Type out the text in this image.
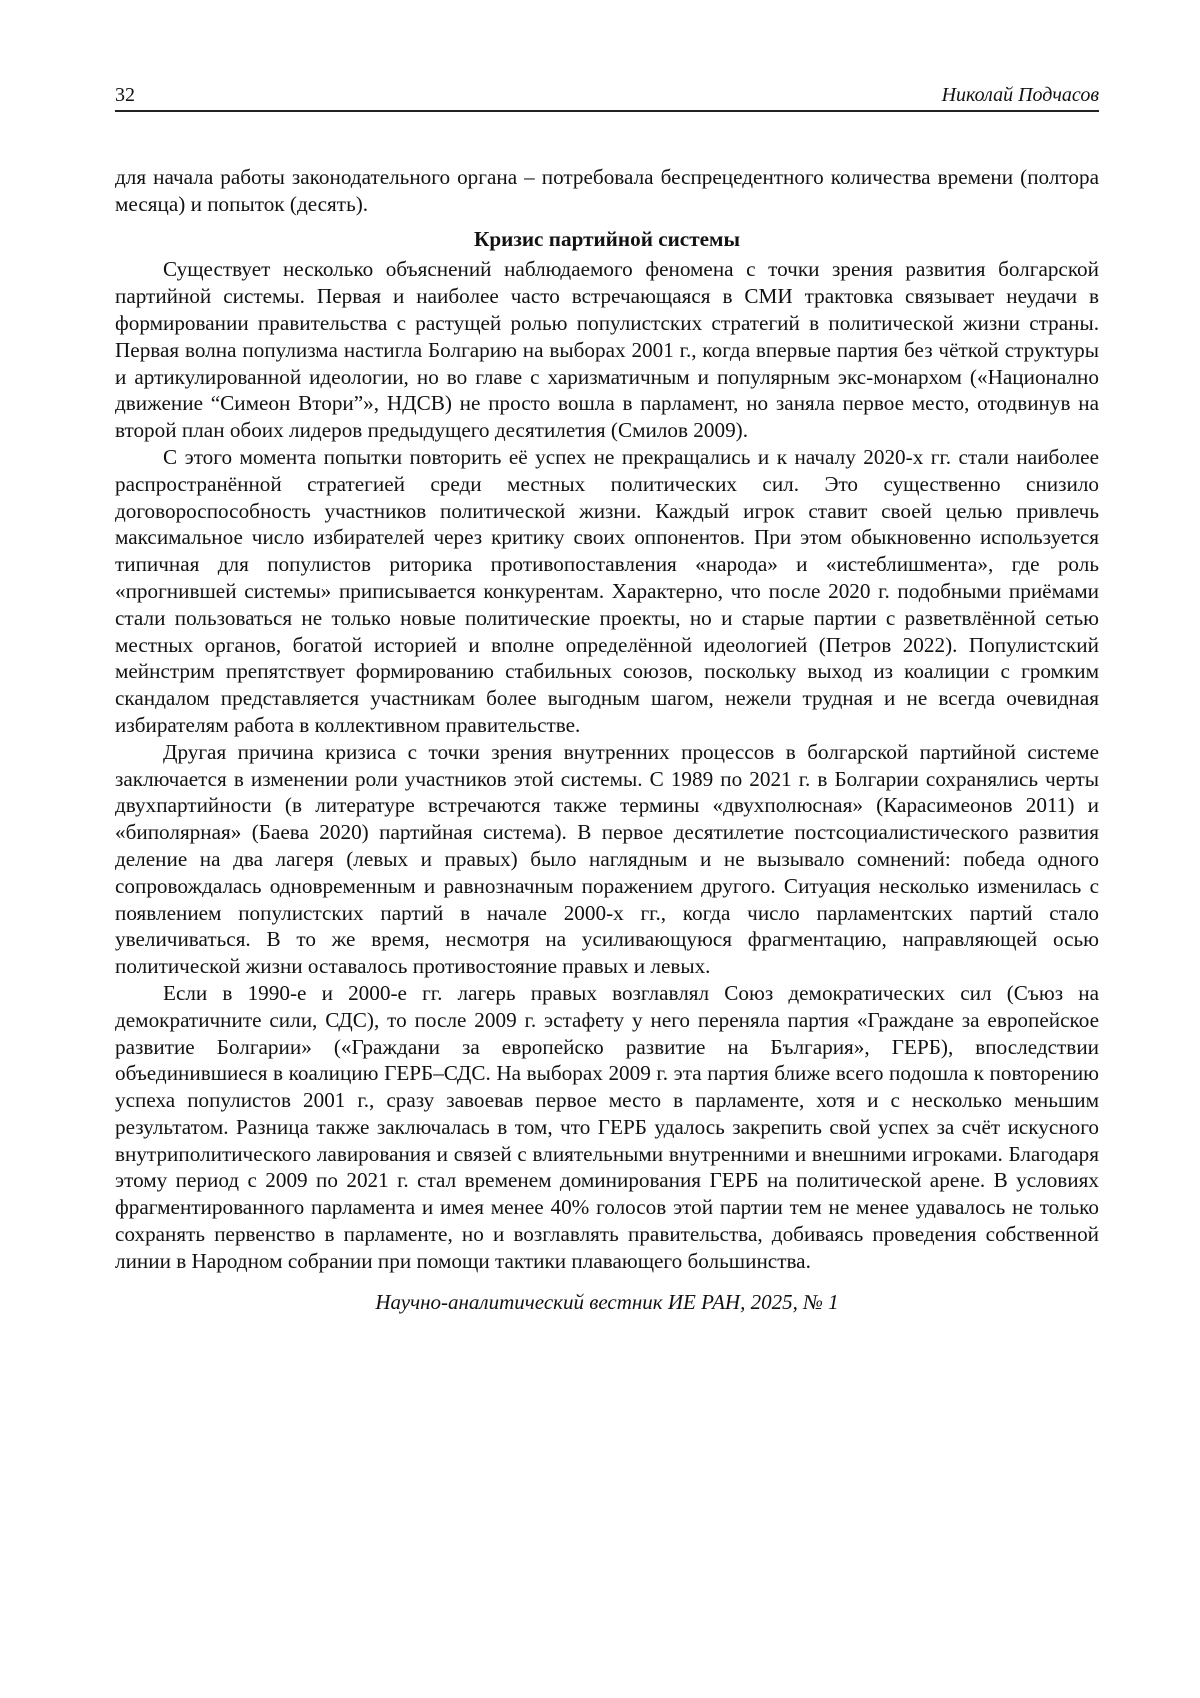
32	Николай Подчасов

для начала работы законодательного органа – потребовала беспрецедентного количества времени (полтора месяца) и попыток (десять).

Кризис партийной системы

Существует несколько объяснений наблюдаемого феномена с точки зрения развития болгарской партийной системы. Первая и наиболее часто встречающаяся в СМИ трактовка связывает неудачи в формировании правительства с растущей ролью популистских стратегий в политической жизни страны. Первая волна популизма настигла Болгарию на выборах 2001 г., когда впервые партия без чёткой структуры и артикулированной идеологии, но во главе с харизматичным и популярным экс-монархом («Национално движение “Симеон Втори”», НДСВ) не просто вошла в парламент, но заняла первое место, отодвинув на второй план обоих лидеров предыдущего десятилетия (Смилов 2009).

С этого момента попытки повторить её успех не прекращались и к началу 2020-х гг. стали наиболее распространённой стратегией среди местных политических сил. Это существенно снизило договороспособность участников политической жизни. Каждый игрок ставит своей целью привлечь максимальное число избирателей через критику своих оппонентов. При этом обыкновенно используется типичная для популистов риторика противопоставления «народа» и «истеблишмента», где роль «прогнившей системы» приписывается конкурентам. Характерно, что после 2020 г. подобными приёмами стали пользоваться не только новые политические проекты, но и старые партии с разветвлённой сетью местных органов, богатой историей и вполне определённой идеологией (Петров 2022). Популистский мейнстрим препятствует формированию стабильных союзов, поскольку выход из коалиции с громким скандалом представляется участникам более выгодным шагом, нежели трудная и не всегда очевидная избирателям работа в коллективном правительстве.

Другая причина кризиса с точки зрения внутренних процессов в болгарской партийной системе заключается в изменении роли участников этой системы. С 1989 по 2021 г. в Болгарии сохранялись черты двухпартийности (в литературе встречаются также термины «двухполюсная» (Карасимеонов 2011) и «биполярная» (Баева 2020) партийная система). В первое десятилетие постсоциалистического развития деление на два лагеря (левых и правых) было наглядным и не вызывало сомнений: победа одного сопровождалась одновременным и равнозначным поражением другого. Ситуация несколько изменилась с появлением популистских партий в начале 2000-х гг., когда число парламентских партий стало увеличиваться. В то же время, несмотря на усиливающуюся фрагментацию, направляющей осью политической жизни оставалось противостояние правых и левых.

Если в 1990-е и 2000-е гг. лагерь правых возглавлял Союз демократических сил (Съюз на демократичните сили, СДС), то после 2009 г. эстафету у него переняла партия «Граждане за европейское развитие Болгарии» («Граждани за европейско развитие на България», ГЕРБ), впоследствии объединившиеся в коалицию ГЕРБ–СДС. На выборах 2009 г. эта партия ближе всего подошла к повторению успеха популистов 2001 г., сразу завоевав первое место в парламенте, хотя и с несколько меньшим результатом. Разница также заключалась в том, что ГЕРБ удалось закрепить свой успех за счёт искусного внутриполитического лавирования и связей с влиятельными внутренними и внешними игроками. Благодаря этому период с 2009 по 2021 г. стал временем доминирования ГЕРБ на политической арене. В условиях фрагментированного парламента и имея менее 40% голосов этой партии тем не менее удавалось не только сохранять первенство в парламенте, но и возглавлять правительства, добиваясь проведения собственной линии в Народном собрании при помощи тактики плавающего большинства.

Научно-аналитический вестник ИЕ РАН, 2025, № 1
